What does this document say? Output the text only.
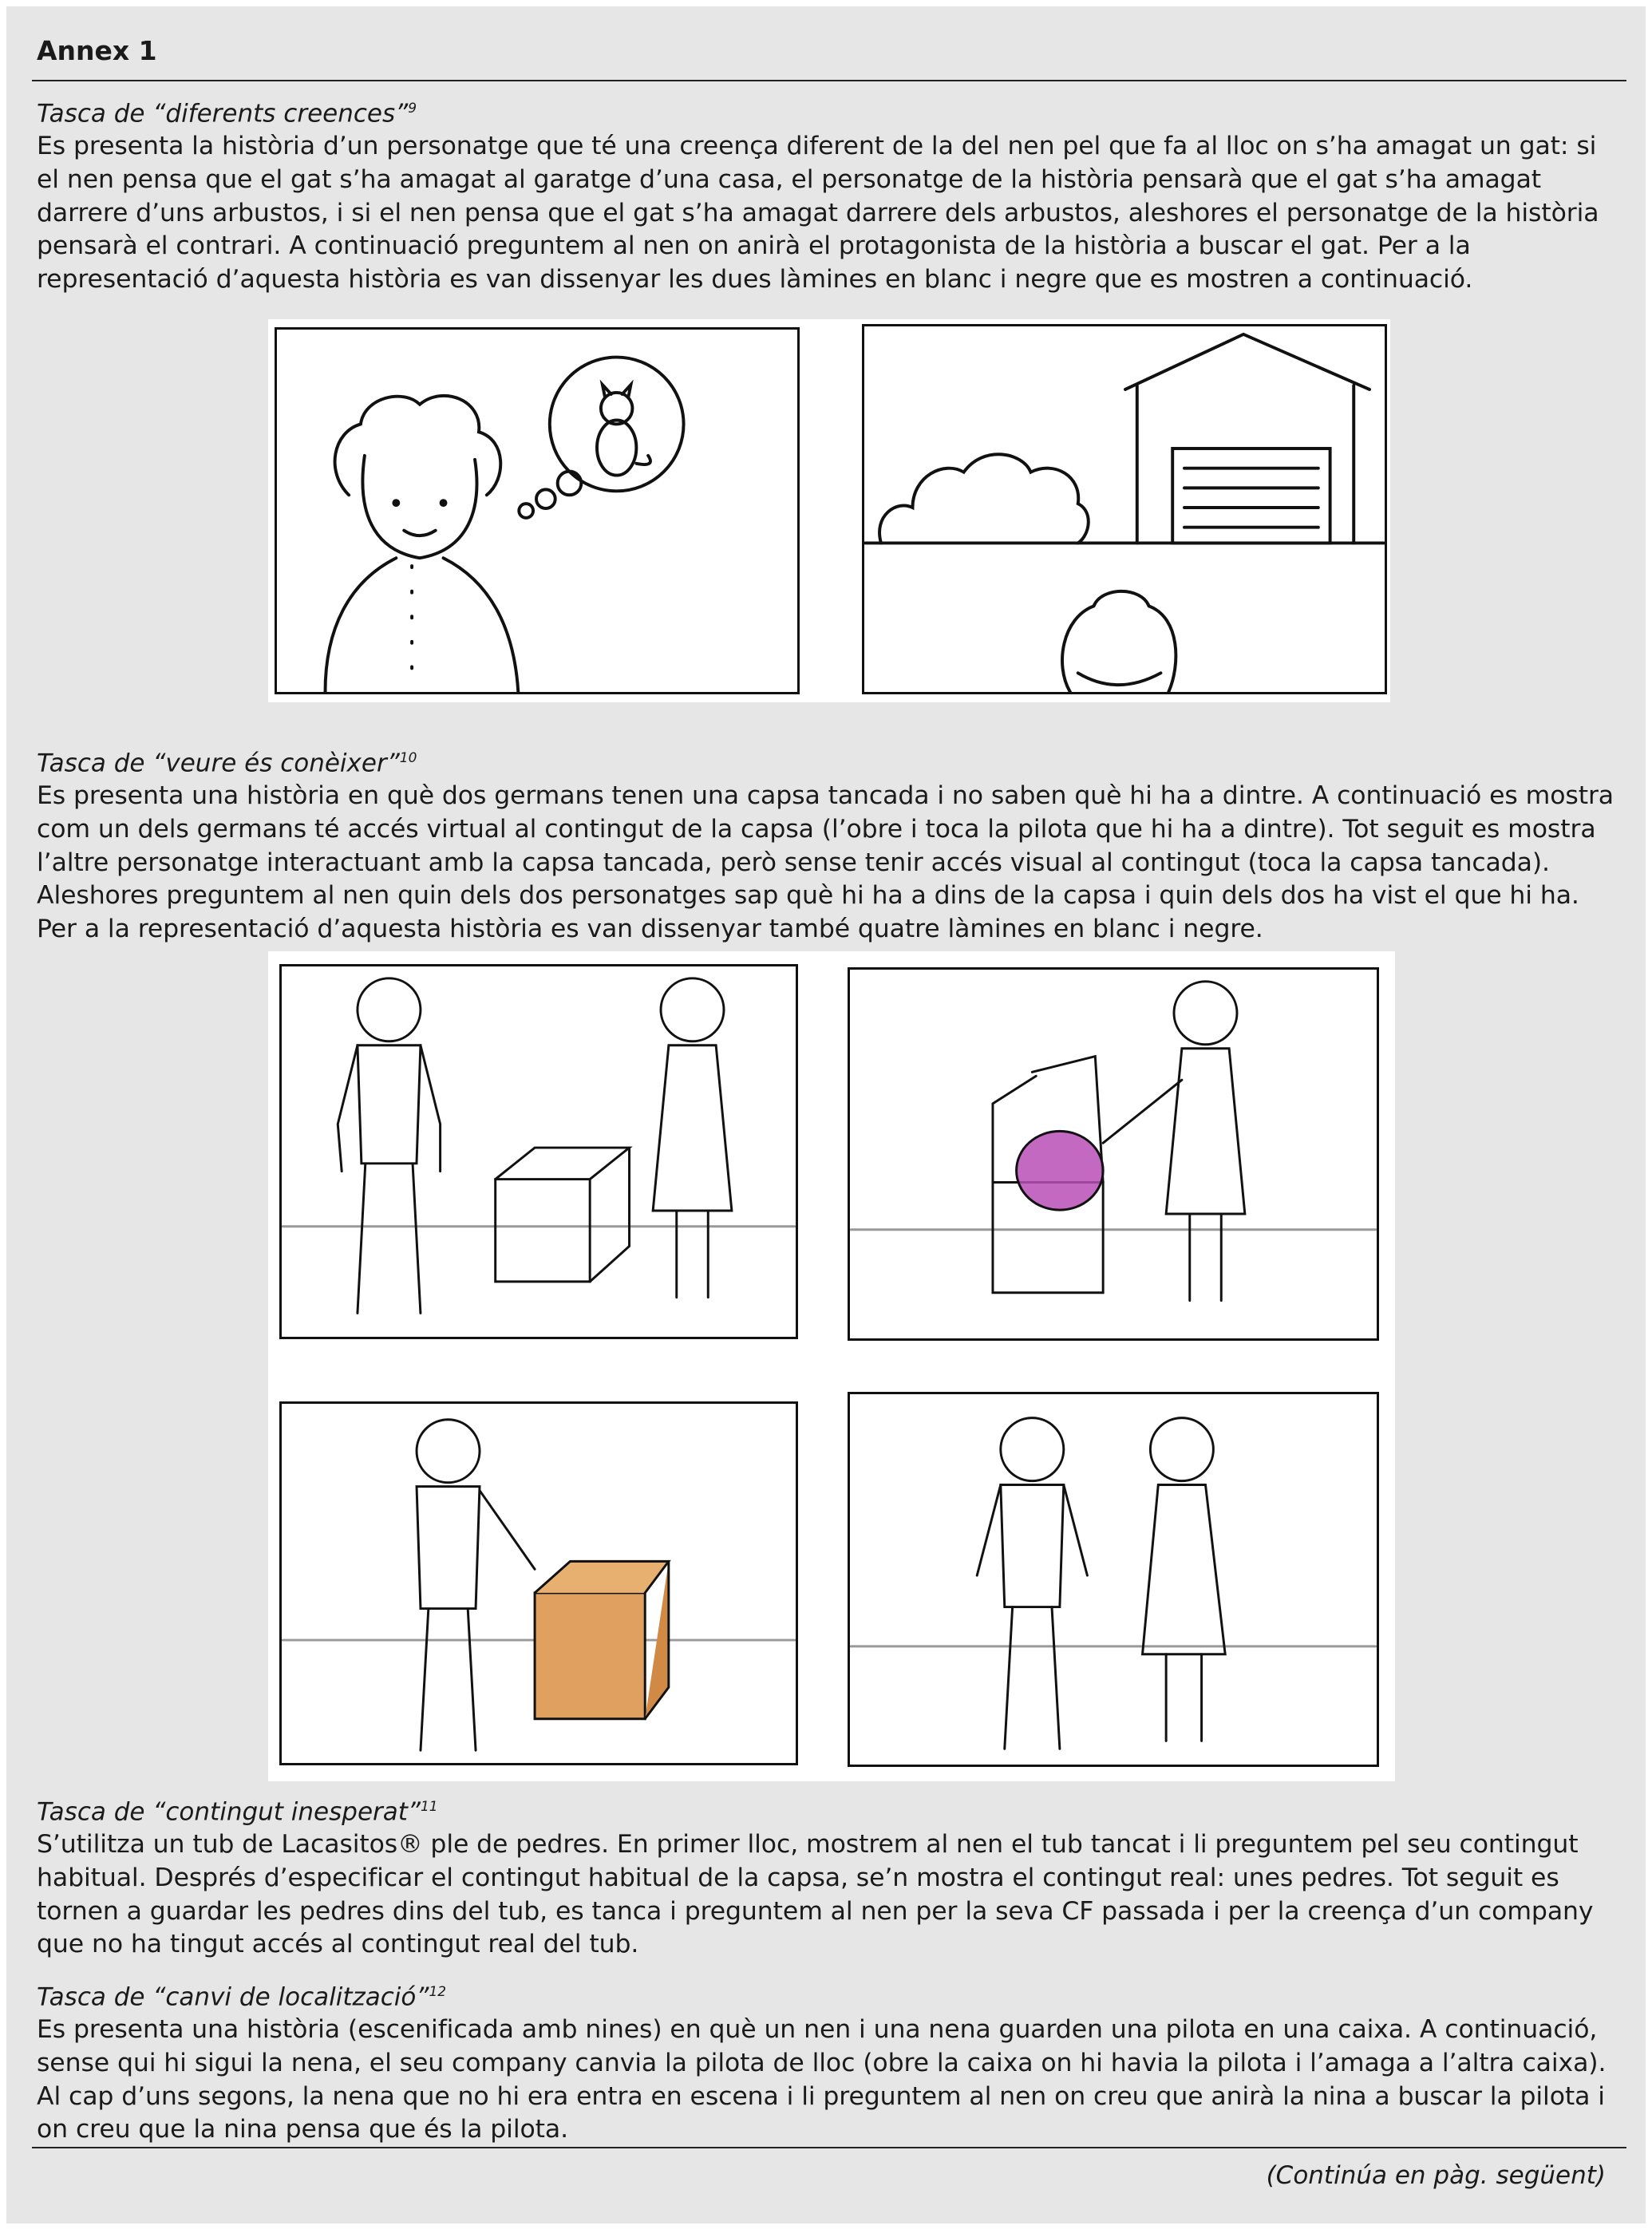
Annex 1
Tasca de “diferents creences”$^9$

Es presenta la història d’un personatge que té una creença diferent de la del nen pel que fa al lloc on s’ha amagat un gat: si el nen pensa que el gat s’ha amagat al garatge d’una casa, el personatge de la història pensarà que el gat s’ha amagat darrere d’uns arbustos, i si el nen pensa que el gat s’ha amagat darrere dels arbustos, aleshores el personatge de la història pensarà el contrari. A continuació preguntem al nen on anirà el protagonista de la història a buscar el gat. Per a la representació d’aquesta història es van dissenyar les dues làmines en blanc i negre que es mostren a continuació.

Tasca de “veure és conèixer”$^{10}$

Es presenta una història en què dos germans tenen una capsa tancada i no saben què hi ha a dintre. A continuació es mostra com un dels germans té accés virtual al contingut de la capsa (l’obre i toca la pilota que hi ha a dintre). Tot seguit es mostra l’altre personatge interactuant amb la capsa tancada, però sense tenir accés visual al contingut (toca la capsa tancada). Aleshores preguntem al nen quin dels dos personatges sap què hi ha a dins de la capsa i quin dels dos ha vist el que hi ha. Per a la representació d’aquesta història es van dissenyar també quatre làmines en blanc i negre.

Tasca de “contingut inesperat”$^{11}$

S’utilitza un tub de Lacasitos® ple de pedres. En primer lloc, mostrem al nen el tub tancat i li preguntem pel seu contingut habitual. Després d’especificar el contingut habitual de la capsa, se’n mostra el contingut real: unes pedres. Tot seguit es tornen a guardar les pedres dins del tub, es tanca i preguntem al nen per la seva CF passada i per la creença d’un company que no ha tingut accés al contingut real del tub.

Tasca de “canvi de localització”$^{12}$

Es presenta una història (escenificada amb nines) en què un nen i una nena guarden una pilota en una caixa. A continuació, sense qui hi sigui la nena, el seu company canvia la pilota de lloc (obre la caixa on hi havia la pilota i l’amaga a l’altra caixa). Al cap d’uns segons, la nena que no hi era entra en escena i li preguntem al nen on creu que anirà la nina a buscar la pilota i on creu que la nina pensa que és la pilota.

(Continúa en pàg. següent)
